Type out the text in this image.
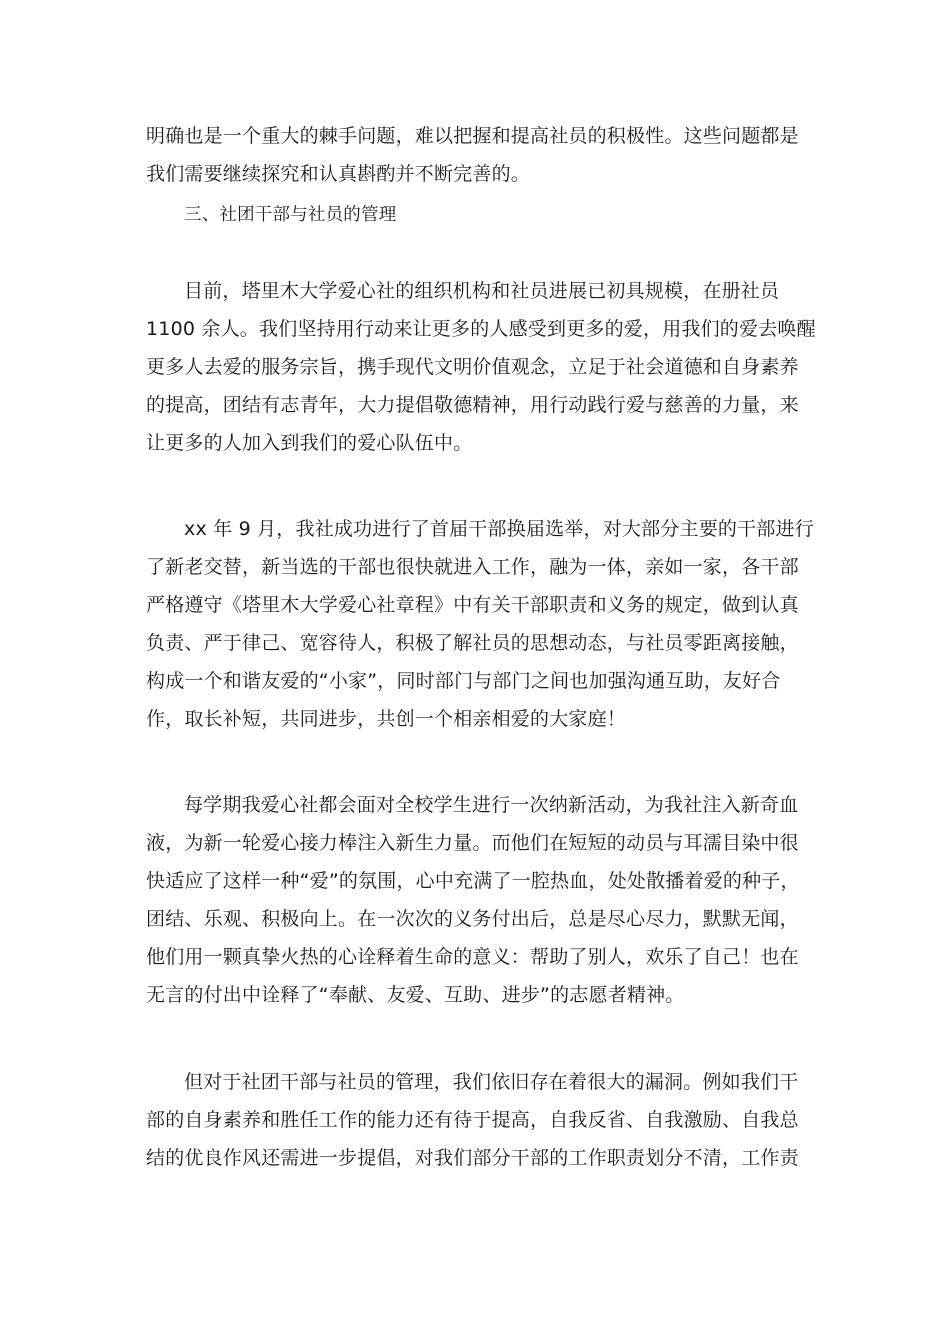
明确也是一个重大的棘手问题，难以把握和提高社员的积极性。这些问题都是
我们需要继续探究和认真斟酌并不断完善的。
三、社团干部与社员的管理
目前，塔里木大学爱心社的组织机构和社员进展已初具规模，在册社员
1100 余人。我们坚持用行动来让更多的人感受到更多的爱，用我们的爱去唤醒
更多人去爱的服务宗旨，携手现代文明价值观念，立足于社会道德和自身素养
的提高，团结有志青年，大力提倡敬德精神，用行动践行爱与慈善的力量，来
让更多的人加入到我们的爱心队伍中。
xx 年 9 月，我社成功进行了首届干部换届选举，对大部分主要的干部进行
了新老交替，新当选的干部也很快就进入工作，融为一体，亲如一家，各干部
严格遵守《塔里木大学爱心社章程》中有关干部职责和义务的规定，做到认真
负责、严于律己、宽容待人，积极了解社员的思想动态，与社员零距离接触，
构成一个和谐友爱的“小家”，同时部门与部门之间也加强沟通互助，友好合
作，取长补短，共同进步，共创一个相亲相爱的大家庭！
每学期我爱心社都会面对全校学生进行一次纳新活动，为我社注入新奇血
液，为新一轮爱心接力棒注入新生力量。而他们在短短的动员与耳濡目染中很
快适应了这样一种“爱”的氛围，心中充满了一腔热血，处处散播着爱的种子，
团结、乐观、积极向上。在一次次的义务付出后，总是尽心尽力，默默无闻，
他们用一颗真挚火热的心诠释着生命的意义：帮助了别人，欢乐了自己！也在
无言的付出中诠释了“奉献、友爱、互助、进步”的志愿者精神。
但对于社团干部与社员的管理，我们依旧存在着很大的漏洞。例如我们干
部的自身素养和胜任工作的能力还有待于提高，自我反省、自我激励、自我总
结的优良作风还需进一步提倡，对我们部分干部的工作职责划分不清，工作责
